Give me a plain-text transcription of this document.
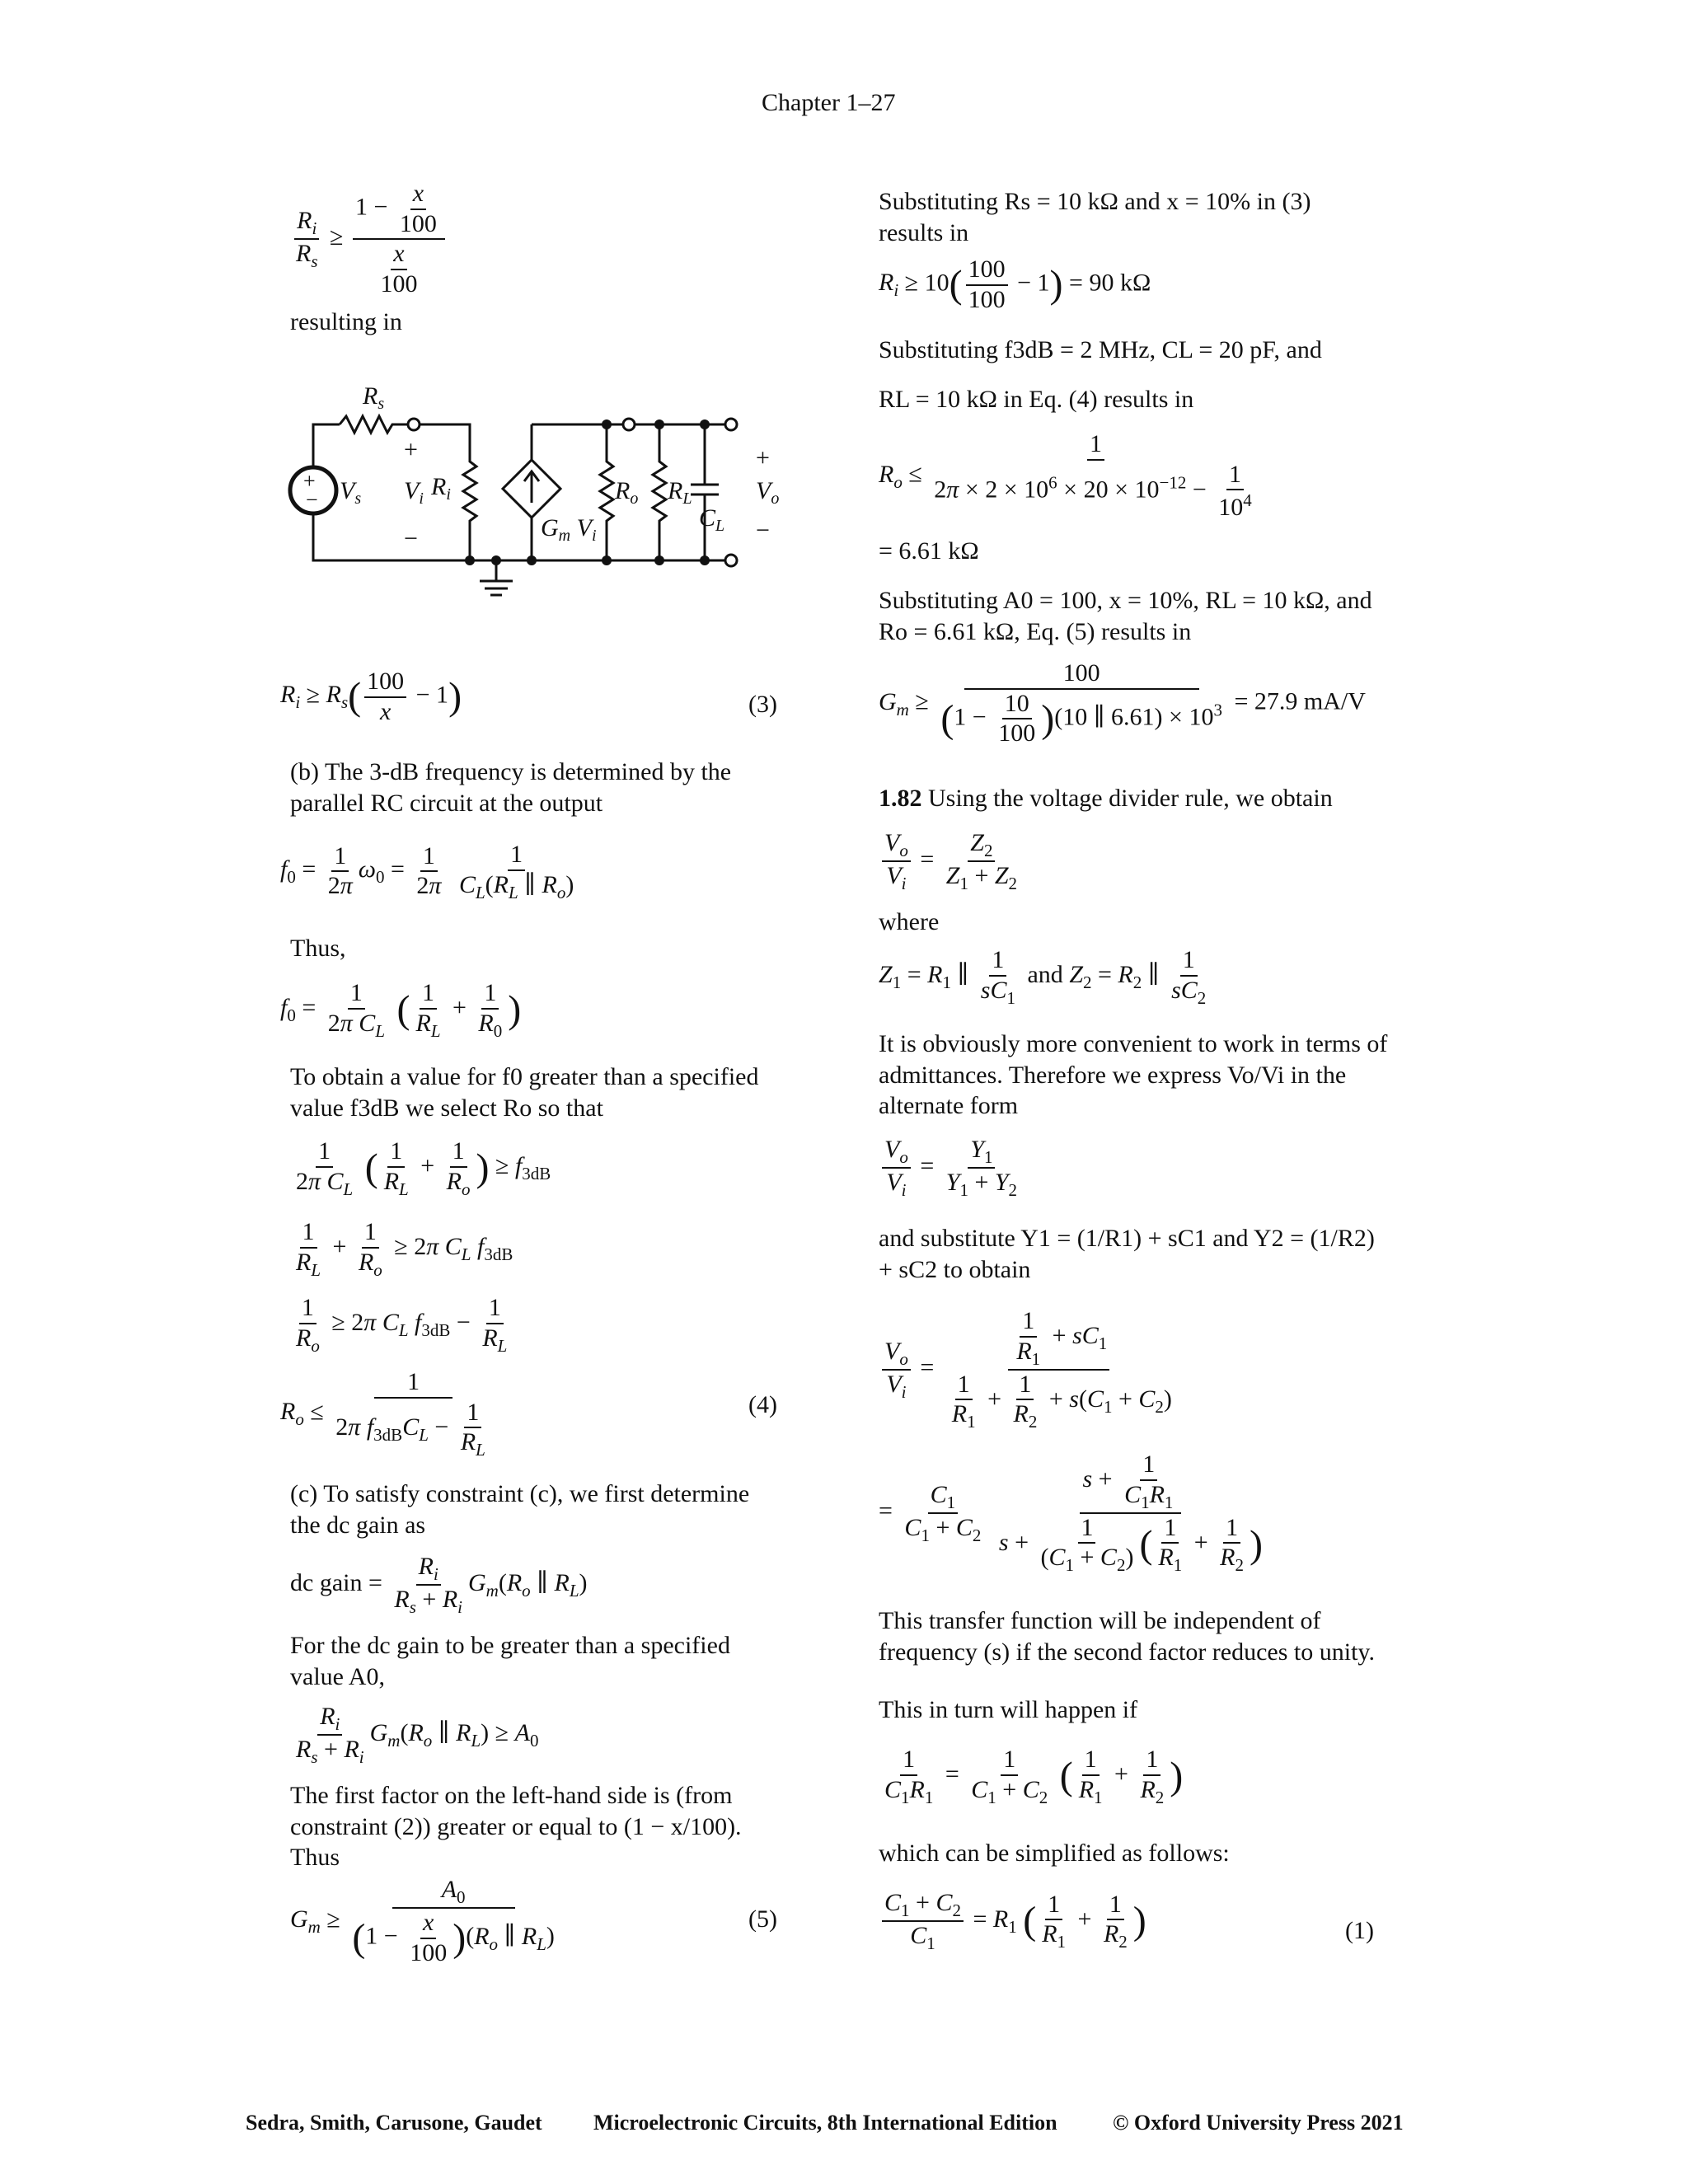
Chapter 1–27
$\frac{R_i}{R_s} \ge \frac{1 - \frac{x}{100}}{\frac{x}{100}}$
resulting in
+
−
$R_s$
$V_s$
+
−
$V_i$ $R_i$
$G_m$ $V_i$
$R_o$ $R_L$
$C_L$
+
$V_o$
−
$R_i \ge R_s( \frac{100}{x} - 1)$	(3)
(b) The 3-dB frequency is determined by the parallel RC circuit at the output
$f_0 = \frac{1}{2\pi} \omega_0 = \frac{1}{2\pi}$
$\frac{1}{C_L(R_L \parallel R_o)}$
Thus,
$f_0 = \frac{1}{2\pi C_L}$ ( $\frac{1}{R_L} + \frac{1}{R_0}$ )
To obtain a value for f0 greater than a specified value f3dB we select Ro so that
$\frac{1}{2\pi C_L}$ ( $\frac{1}{R_L} + \frac{1}{R_o}$ ) ≥ $f_{3dB}$
$\frac{1}{R_L} + \frac{1}{R_o} \ge 2\pi$ $C_L$ $f_{3dB}$
$\frac{1}{R_o} \ge 2\pi$ $C_L$ $f_{3dB} - \frac{1}{R_L}$
$R_o \le \frac{1}{2\pi f_{3dB}C_L - \frac{1}{R_L}}$	(4)
(c) To satisfy constraint (c), we first determine the dc gain as
dc gain = $\frac{R_i}{R_s + R_i} G_m(R_o$ ∥ $R_L$)
For the dc gain to be greater than a specified value A0,
$\frac{R_i}{R_s + R_i} G_m(R_o$ ∥ $R_L) \ge A_0$
The first factor on the left-hand side is (from constraint (2)) greater or equal to (1 − x/100). Thus
$G_m \ge \frac{A_0}{(1 - \frac{x}{100} )(R_o \parallel R_L)}$	(5)
Substituting Rs = 10 kΩ and x = 10% in (3) results in
$R_i \ge 10( \frac{100}{100} - 1) = 90$ kΩ
Substituting f3dB = 2 MHz, CL = 20 pF, and
RL = 10 kΩ in Eq. (4) results in
$R_o \le \frac{1}{2\pi \times 2 \times 10^6 \times 20 \times 10^{-12} - \frac{1}{10^4}}$
= 6.61 kΩ
Substituting A0 = 100, x = 10%, RL = 10 kΩ, and Ro = 6.61 kΩ, Eq. (5) results in
$G_m \ge \frac{100}{(1 - \frac{10}{100} )(10 \parallel 6.61) \times 10^3} = 27.9$ mA/V
1.82 Using the voltage divider rule, we obtain
$\frac{V_o}{V_i} = \frac{Z_2}{Z_1 + Z_2}$
where
$Z_1 = R_1$ ∥ $\frac{1}{sC_1}$ and $Z_2 = R_2$ ∥ $\frac{1}{sC_2}$
It is obviously more convenient to work in terms of admittances. Therefore we express Vo/Vi in the alternate form
$\frac{V_o}{V_i} = \frac{Y_1}{Y_1 + Y_2}$
and substitute Y1 = (1/R1) + sC1 and Y2 = (1/R2) + sC2 to obtain
$\frac{V_o}{V_i} = \frac{\frac{1}{R_1} + sC_1}{\frac{1}{R_1} + \frac{1}{R_2} + s(C_1 + C_2)}$
= $\frac{C_1}{C_1 + C_2}$
$\frac{s + \frac{1}{C_1R_1}}{s + \frac{1}{(C_1 + C_2)} ( \frac{1}{R_1} + \frac{1}{R_2} )}$
This transfer function will be independent of frequency (s) if the second factor reduces to unity.
This in turn will happen if
$\frac{1}{C_1R_1} = \frac{1}{C_1 + C_2}$ ( $\frac{1}{R_1} + \frac{1}{R_2}$ )
which can be simplified as follows:
$\frac{C_1 + C_2}{C_1} = R_1$ ( $\frac{1}{R_1} + \frac{1}{R_2}$ )	(1)
Sedra, Smith, Carusone, Gaudet Microelectronic Circuits, 8th International Edition	© Oxford University Press 2021
